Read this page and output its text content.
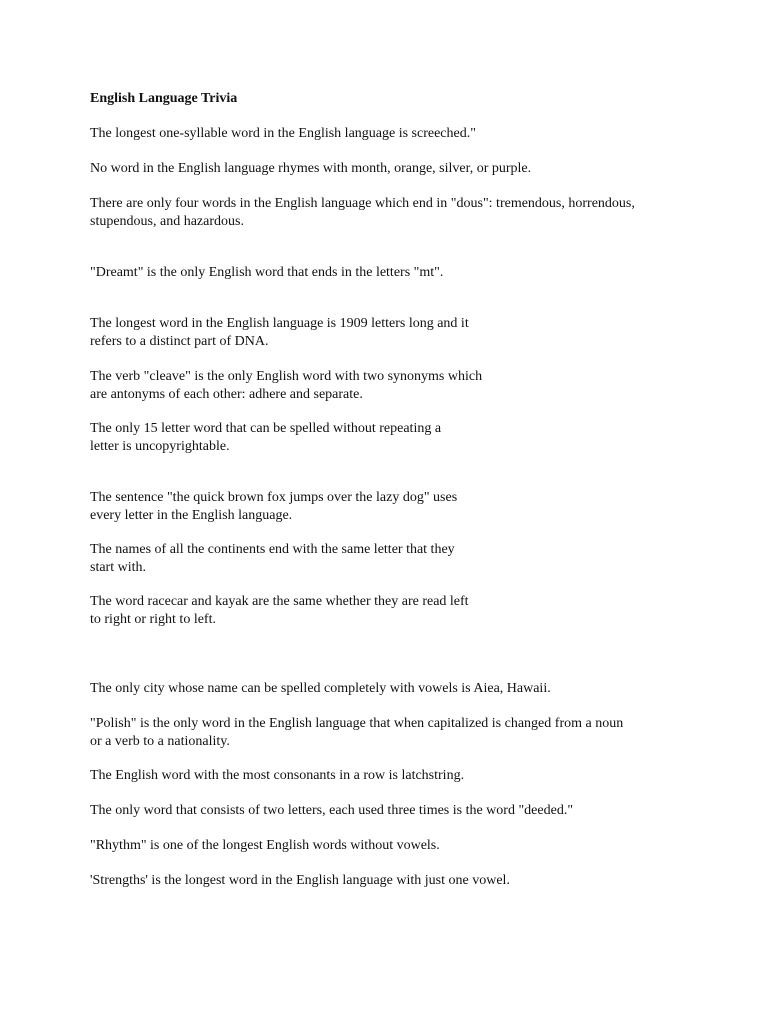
English Language Trivia
The longest one-syllable word in the English language is screeched."
No word in the English language rhymes with month, orange, silver, or purple.
There are only four words in the English language which end in "dous": tremendous, horrendous,
stupendous, and hazardous.
"Dreamt" is the only English word that ends in the letters "mt".
The longest word in the English language is 1909 letters long and it
refers to a distinct part of DNA.
The verb "cleave" is the only English word with two synonyms which
are antonyms of each other: adhere and separate.
The only 15 letter word that can be spelled without repeating a
letter is uncopyrightable.
The sentence "the quick brown fox jumps over the lazy dog" uses
every letter in the English language.
The names of all the continents end with the same letter that they
start with.
The word racecar and kayak are the same whether they are read left
to right or right to left.
The only city whose name can be spelled completely with vowels is Aiea, Hawaii.
"Polish" is the only word in the English language that when capitalized is changed from a noun
or a verb to a nationality.
The English word with the most consonants in a row is latchstring.
The only word that consists of two letters, each used three times is the word "deeded."
"Rhythm" is one of the longest English words without vowels.
'Strengths' is the longest word in the English language with just one vowel.
